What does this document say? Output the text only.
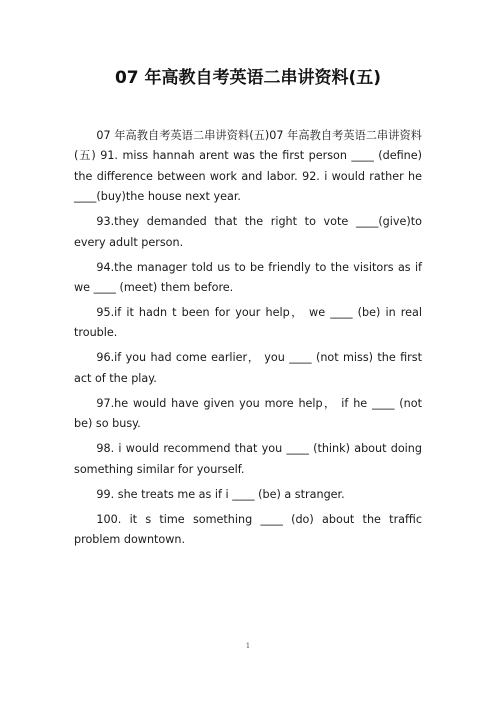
07 年高教自考英语二串讲资料(五)

07 年高教自考英语二串讲资料(五)07 年高教自考英语二串讲资料(五) 91. miss hannah arent was the first person ____ (define) the difference between work and labor. 92. i would rather he ____(buy)the house next year.

93.they demanded that the right to vote ____(give)to every adult person.

94.the manager told us to be friendly to the visitors as if we ____ (meet) them before.

95.if it hadn t been for your help， we ____ (be) in real trouble.

96.if you had come earlier， you ____ (not miss) the first act of the play.

97.he would have given you more help， if he ____ (not be) so busy.

98. i would recommend that you ____ (think) about doing something similar for yourself.

99. she treats me as if i ____ (be) a stranger.

100. it s time something ____ (do) about the traffic problem downtown.

1
